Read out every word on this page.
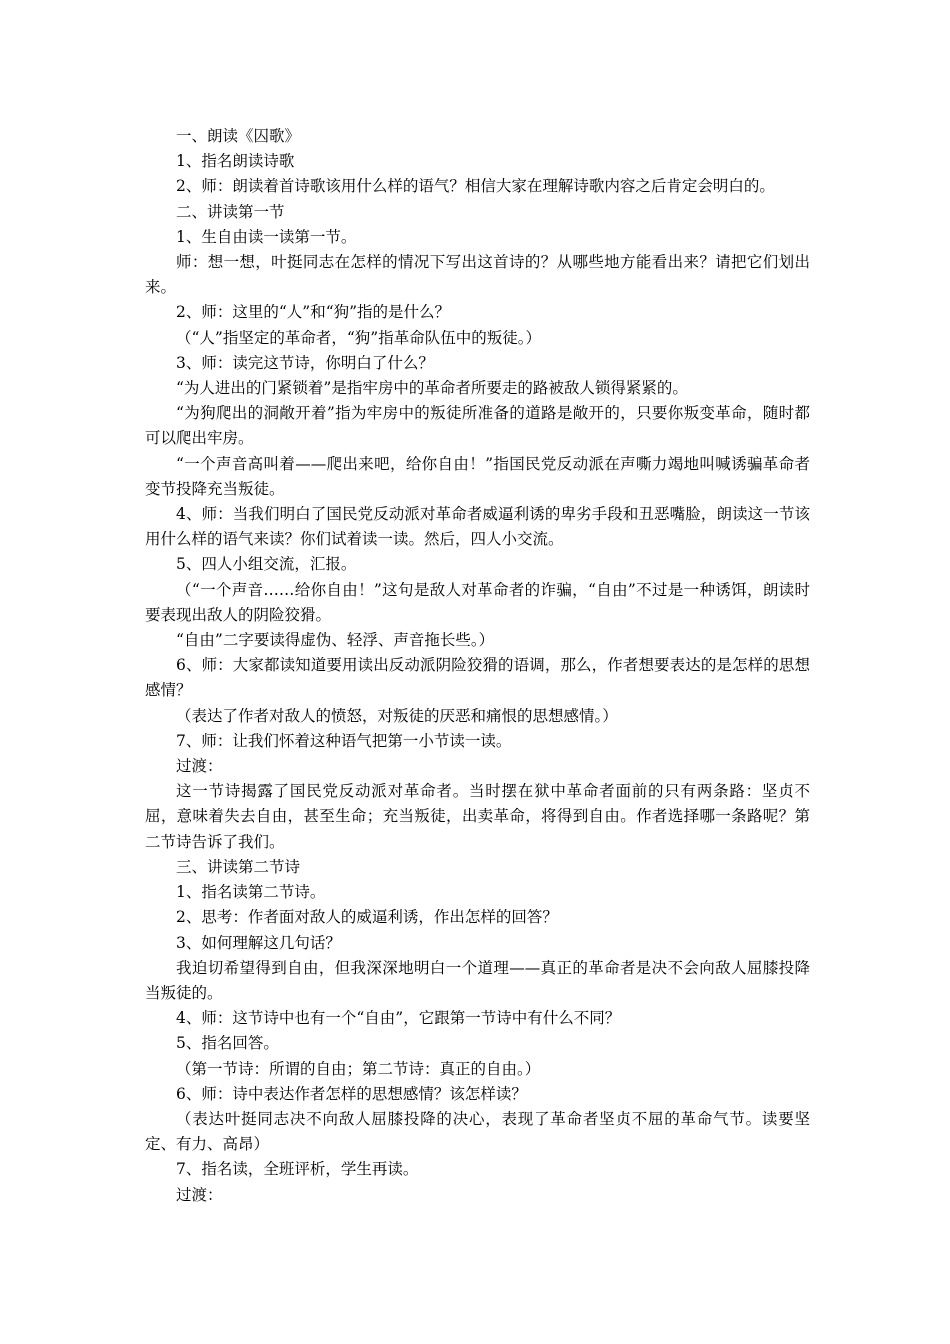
一、朗读《囚歌》

1、指名朗读诗歌

2、师：朗读着首诗歌该用什么样的语气？相信大家在理解诗歌内容之后肯定会明白的。

二、讲读第一节

1、生自由读一读第一节。

师：想一想，叶挺同志在怎样的情况下写出这首诗的？从哪些地方能看出来？请把它们划出来。

2、师：这里的“人”和“狗”指的是什么？

（“人”指坚定的革命者，“狗”指革命队伍中的叛徒。）

3、师：读完这节诗，你明白了什么？

“为人进出的门紧锁着”是指牢房中的革命者所要走的路被敌人锁得紧紧的。

“为狗爬出的洞敞开着”指为牢房中的叛徒所准备的道路是敞开的，只要你叛变革命，随时都可以爬出牢房。

“一个声音高叫着——爬出来吧，给你自由！”指国民党反动派在声嘶力竭地叫喊诱骗革命者变节投降充当叛徒。

4、师：当我们明白了国民党反动派对革命者威逼利诱的卑劣手段和丑恶嘴脸，朗读这一节该用什么样的语气来读？你们试着读一读。然后，四人小交流。

5、四人小组交流，汇报。

（“一个声音……给你自由！”这句是敌人对革命者的诈骗，“自由”不过是一种诱饵，朗读时要表现出敌人的阴险狡猾。

“自由”二字要读得虚伪、轻浮、声音拖长些。）

6、师：大家都读知道要用读出反动派阴险狡猾的语调，那么，作者想要表达的是怎样的思想感情？

（表达了作者对敌人的愤怒，对叛徒的厌恶和痛恨的思想感情。）

7、师：让我们怀着这种语气把第一小节读一读。

过渡：

这一节诗揭露了国民党反动派对革命者。当时摆在狱中革命者面前的只有两条路：坚贞不屈，意味着失去自由，甚至生命；充当叛徒，出卖革命，将得到自由。作者选择哪一条路呢？第二节诗告诉了我们。

三、讲读第二节诗

1、指名读第二节诗。

2、思考：作者面对敌人的威逼利诱，作出怎样的回答？

3、如何理解这几句话？

我迫切希望得到自由，但我深深地明白一个道理——真正的革命者是决不会向敌人屈膝投降当叛徒的。

4、师：这节诗中也有一个“自由”，它跟第一节诗中有什么不同？

5、指名回答。

（第一节诗：所谓的自由；第二节诗：真正的自由。）

6、师：诗中表达作者怎样的思想感情？该怎样读？

（表达叶挺同志决不向敌人屈膝投降的决心，表现了革命者坚贞不屈的革命气节。读要坚定、有力、高昂）

7、指名读，全班评析，学生再读。

过渡：
